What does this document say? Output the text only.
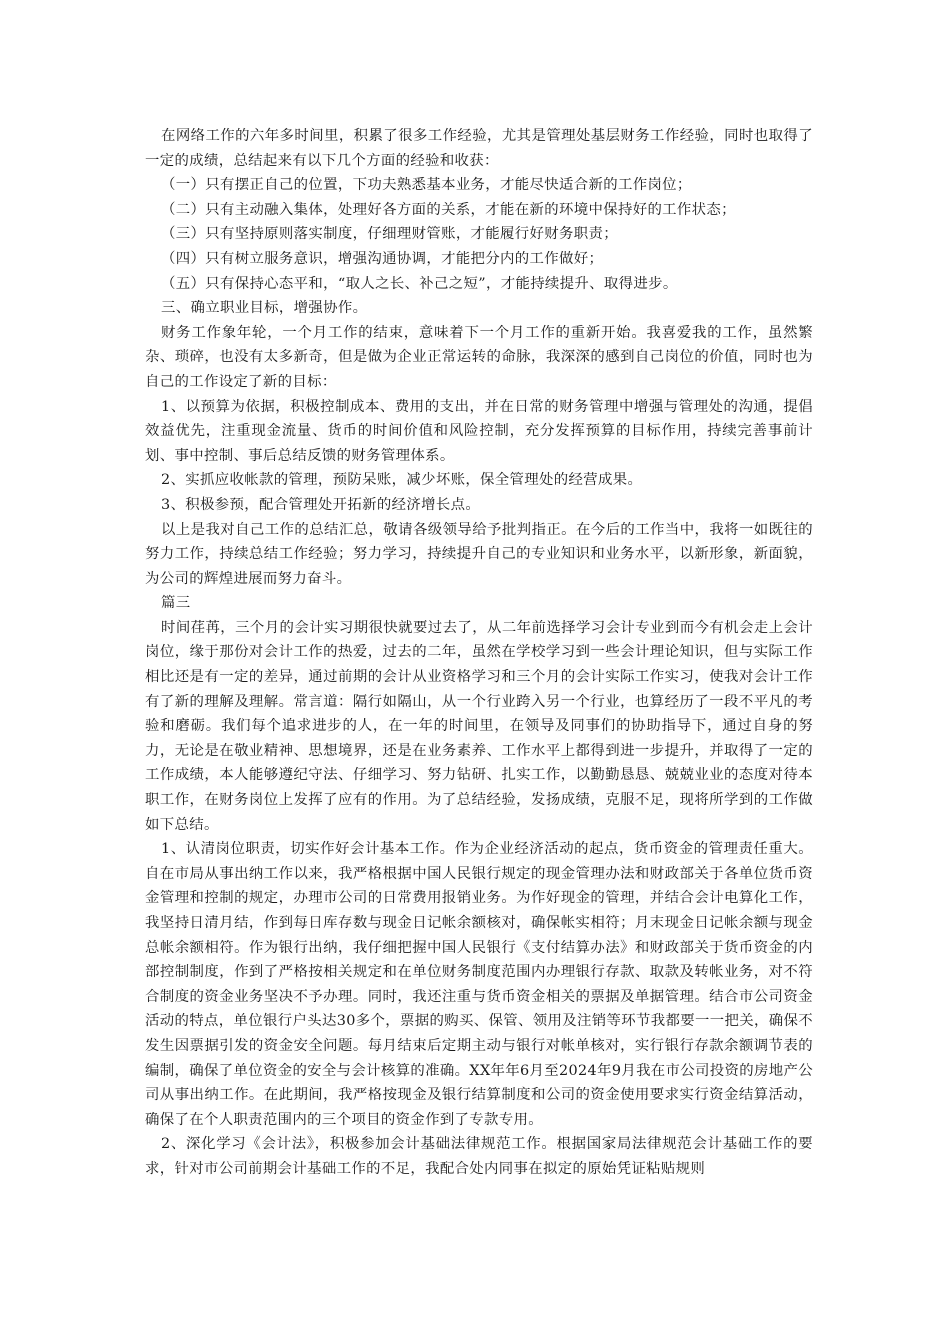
在网络工作的六年多时间里，积累了很多工作经验，尤其是管理处基层财务工作经验，同时也取得了一定的成绩，总结起来有以下几个方面的经验和收获：

（一）只有摆正自己的位置，下功夫熟悉基本业务，才能尽快适合新的工作岗位；

（二）只有主动融入集体，处理好各方面的关系，才能在新的环境中保持好的工作状态；

（三）只有坚持原则落实制度，仔细理财管账，才能履行好财务职责；

（四）只有树立服务意识，增强沟通协调，才能把分内的工作做好；

（五）只有保持心态平和，“取人之长、补己之短”，才能持续提升、取得进步。

三、确立职业目标，增强协作。

财务工作象年轮，一个月工作的结束，意味着下一个月工作的重新开始。我喜爱我的工作，虽然繁杂、琐碎，也没有太多新奇，但是做为企业正常运转的命脉，我深深的感到自己岗位的价值，同时也为自己的工作设定了新的目标：

1、以预算为依据，积极控制成本、费用的支出，并在日常的财务管理中增强与管理处的沟通，提倡效益优先，注重现金流量、货币的时间价值和风险控制，充分发挥预算的目标作用，持续完善事前计划、事中控制、事后总结反馈的财务管理体系。

2、实抓应收帐款的管理，预防呆账，减少坏账，保全管理处的经营成果。

3、积极参预，配合管理处开拓新的经济增长点。

以上是我对自己工作的总结汇总，敬请各级领导给予批判指正。在今后的工作当中，我将一如既往的努力工作，持续总结工作经验；努力学习，持续提升自己的专业知识和业务水平，以新形象，新面貌，为公司的辉煌进展而努力奋斗。

篇三

时间荏苒，三个月的会计实习期很快就要过去了，从二年前选择学习会计专业到而今有机会走上会计岗位，缘于那份对会计工作的热爱，过去的二年，虽然在学校学习到一些会计理论知识，但与实际工作相比还是有一定的差异，通过前期的会计从业资格学习和三个月的会计实际工作实习，使我对会计工作有了新的理解及理解。常言道：隔行如隔山，从一个行业跨入另一个行业，也算经历了一段不平凡的考验和磨砺。我们每个追求进步的人，在一年的时间里，在领导及同事们的协助指导下，通过自身的努力，无论是在敬业精神、思想境界，还是在业务素养、工作水平上都得到进一步提升，并取得了一定的工作成绩，本人能够遵纪守法、仔细学习、努力钻研、扎实工作，以勤勤恳恳、兢兢业业的态度对待本职工作，在财务岗位上发挥了应有的作用。为了总结经验，发扬成绩，克服不足，现将所学到的工作做如下总结。

1、认清岗位职责，切实作好会计基本工作。作为企业经济活动的起点，货币资金的管理责任重大。自在市局从事出纳工作以来，我严格根据中国人民银行规定的现金管理办法和财政部关于各单位货币资金管理和控制的规定，办理市公司的日常费用报销业务。为作好现金的管理，并结合会计电算化工作，我坚持日清月结，作到每日库存数与现金日记帐余额核对，确保帐实相符；月末现金日记帐余额与现金总帐余额相符。作为银行出纳，我仔细把握中国人民银行《支付结算办法》和财政部关于货币资金的内部控制制度，作到了严格按相关规定和在单位财务制度范围内办理银行存款、取款及转帐业务，对不符合制度的资金业务坚决不予办理。同时，我还注重与货币资金相关的票据及单据管理。结合市公司资金活动的特点，单位银行户头达30多个，票据的购买、保管、领用及注销等环节我都要一一把关，确保不发生因票据引发的资金安全问题。每月结束后定期主动与银行对帐单核对，实行银行存款余额调节表的编制，确保了单位资金的安全与会计核算的准确。XX年年6月至2024年9月我在市公司投资的房地产公司从事出纳工作。在此期间，我严格按现金及银行结算制度和公司的资金使用要求实行资金结算活动，确保了在个人职责范围内的三个项目的资金作到了专款专用。

2、深化学习《会计法》，积极参加会计基础法律规范工作。根据国家局法律规范会计基础工作的要求，针对市公司前期会计基础工作的不足，我配合处内同事在拟定的原始凭证粘贴规则
